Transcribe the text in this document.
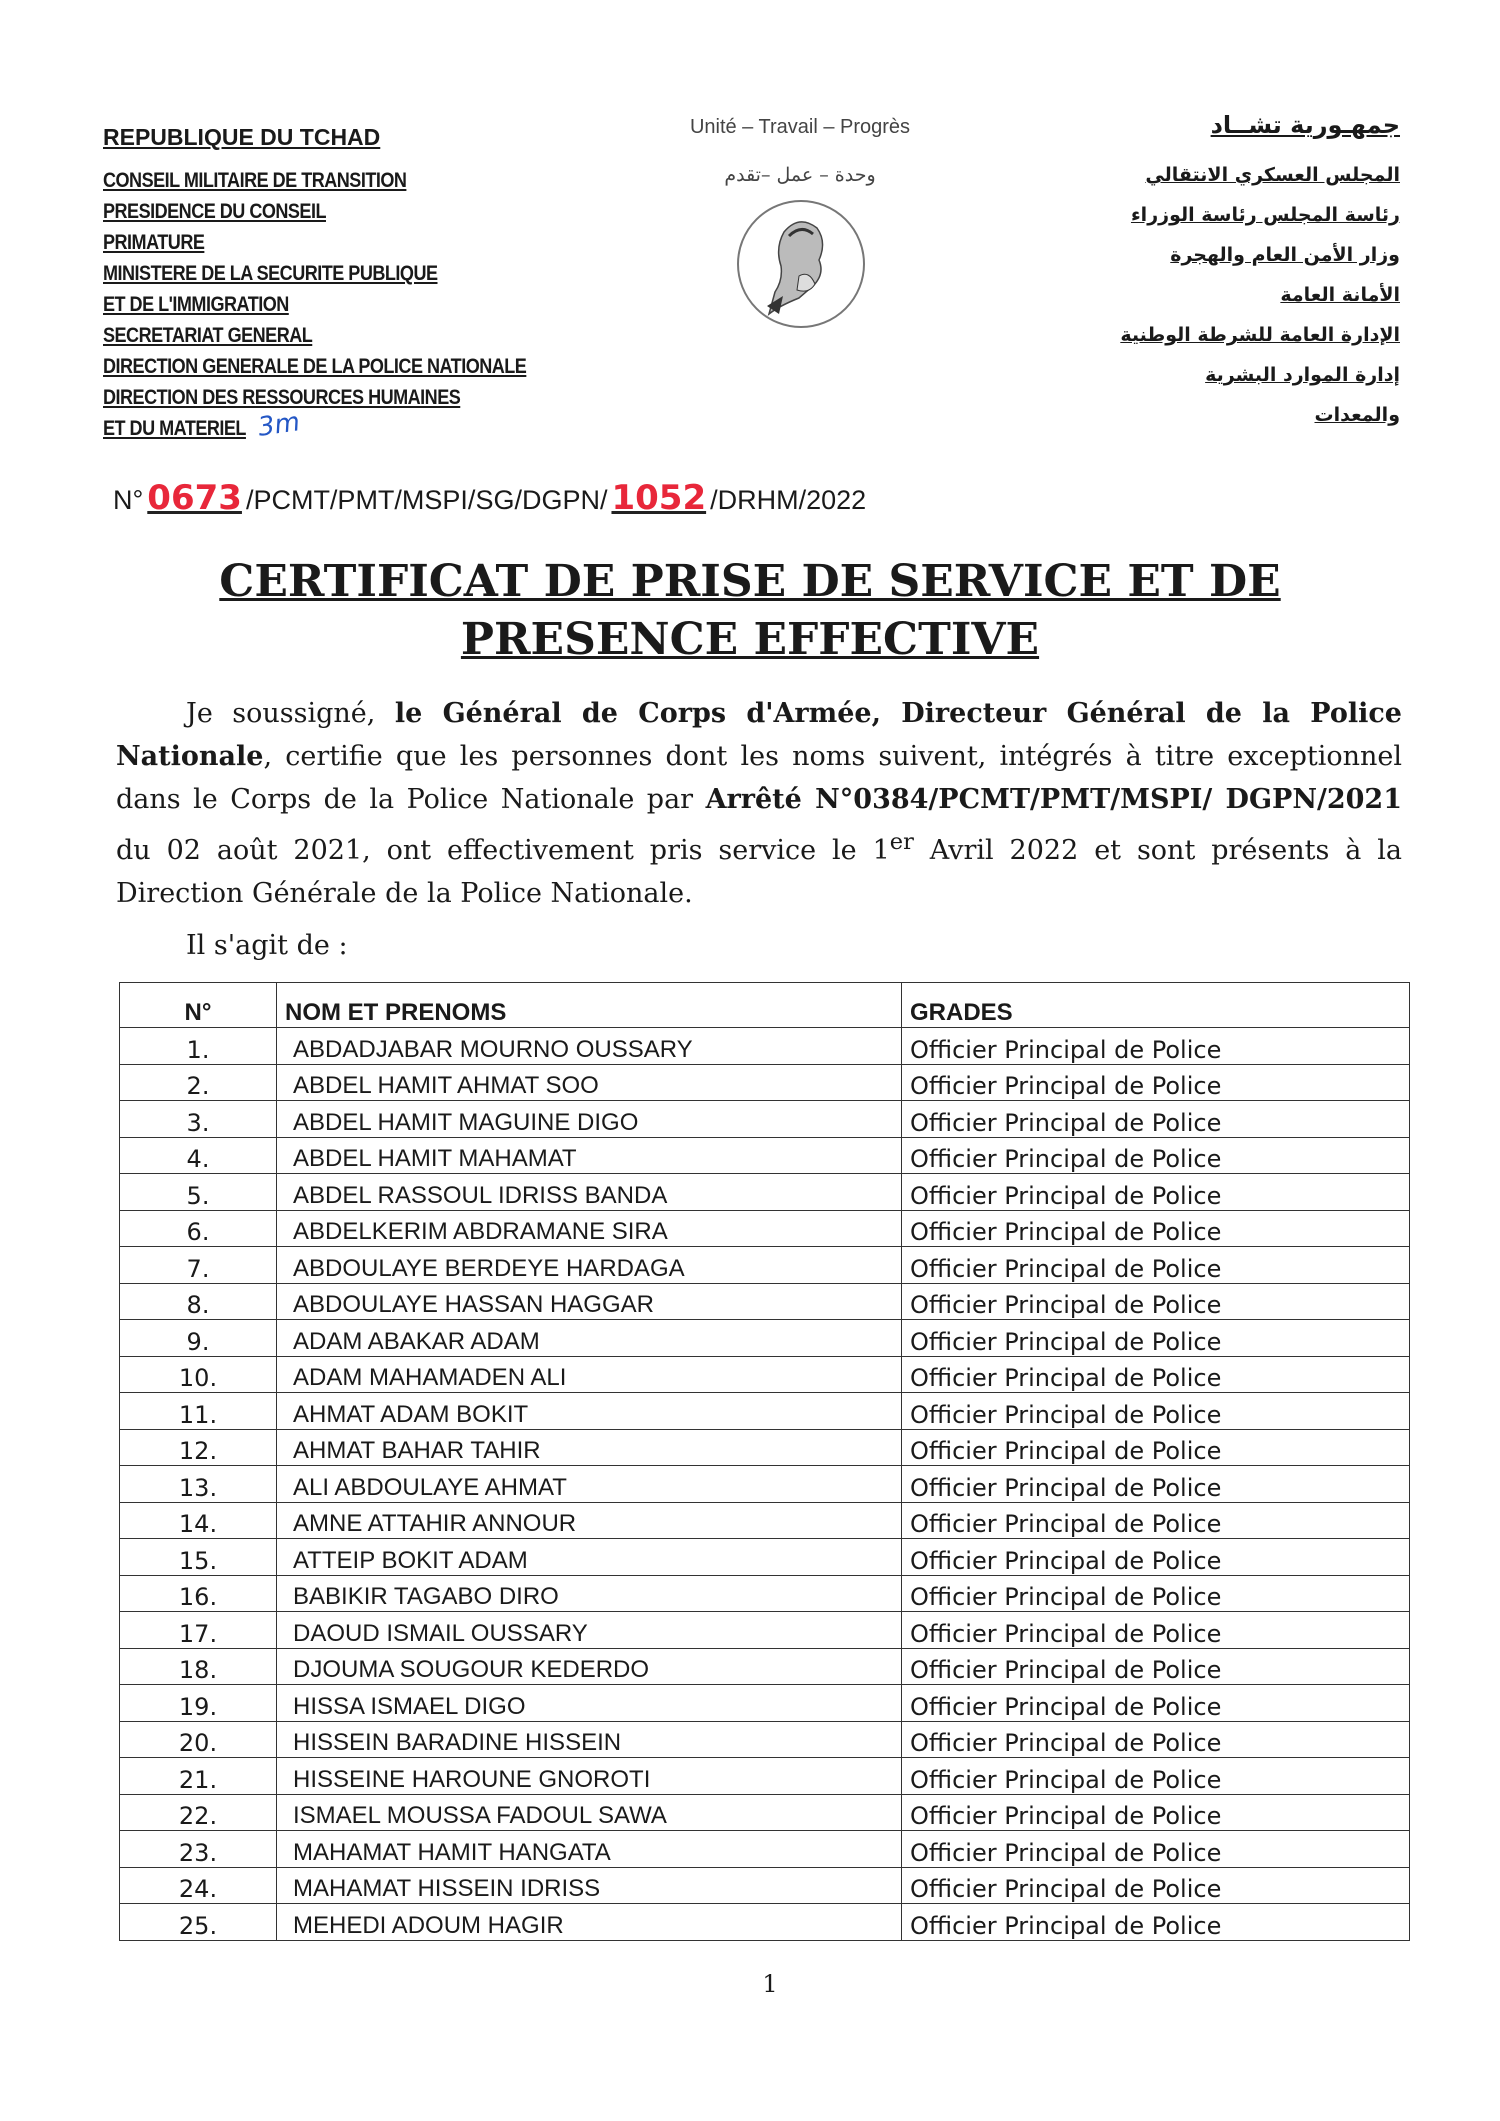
REPUBLIQUE DU TCHAD
CONSEIL MILITAIRE DE TRANSITION
PRESIDENCE DU CONSEIL
PRIMATURE
MINISTERE DE LA SECURITE PUBLIQUE
ET DE L'IMMIGRATION
SECRETARIAT GENERAL
DIRECTION GENERALE DE LA POLICE NATIONALE
DIRECTION DES RESSOURCES HUMAINES
ET DU MATERIEL 3m
Unité – Travail – Progrès
وحدة – عمل –تقدم
جمهـورية تشــاد
المجلس العسكري الانتقالي
رئاسة المجلس رئاسة الوزراء
وزار الأمن العام والهجرة
الأمانة العامة
الإدارة العامة للشرطة الوطنية
إدارة الموارد البشرية
والمعدات
N° 0673 /PCMT/PMT/MSPI/SG/DGPN/ 1052 /DRHM/2022
CERTIFICAT DE PRISE DE SERVICE ET DE
PRESENCE EFFECTIVE
Je soussigné, le Général de Corps d'Armée, Directeur Général de la Police Nationale, certifie que les personnes dont les noms suivent, intégrés à titre exceptionnel dans le Corps de la Police Nationale par Arrêté N°0384/PCMT/PMT/MSPI/ DGPN/2021 du 02 août 2021, ont effectivement pris service le 1er Avril 2022 et sont présents à la Direction Générale de la Police Nationale.
Il s'agit de :
N°	NOM ET PRENOMS	GRADES
1.	ABDADJABAR MOURNO OUSSARY	Officier Principal de Police
2.	ABDEL HAMIT AHMAT SOO	Officier Principal de Police
3.	ABDEL HAMIT MAGUINE DIGO	Officier Principal de Police
4.	ABDEL HAMIT MAHAMAT	Officier Principal de Police
5.	ABDEL RASSOUL IDRISS BANDA	Officier Principal de Police
6.	ABDELKERIM ABDRAMANE SIRA	Officier Principal de Police
7.	ABDOULAYE BERDEYE HARDAGA	Officier Principal de Police
8.	ABDOULAYE HASSAN HAGGAR	Officier Principal de Police
9.	ADAM ABAKAR ADAM	Officier Principal de Police
10.	ADAM MAHAMADEN ALI	Officier Principal de Police
11.	AHMAT ADAM BOKIT	Officier Principal de Police
12.	AHMAT BAHAR TAHIR	Officier Principal de Police
13.	ALI ABDOULAYE AHMAT	Officier Principal de Police
14.	AMNE ATTAHIR ANNOUR	Officier Principal de Police
15.	ATTEIP BOKIT ADAM	Officier Principal de Police
16.	BABIKIR TAGABO DIRO	Officier Principal de Police
17.	DAOUD ISMAIL OUSSARY	Officier Principal de Police
18.	DJOUMA SOUGOUR KEDERDO	Officier Principal de Police
19.	HISSA ISMAEL DIGO	Officier Principal de Police
20.	HISSEIN BARADINE HISSEIN	Officier Principal de Police
21.	HISSEINE HAROUNE GNOROTI	Officier Principal de Police
22.	ISMAEL MOUSSA FADOUL SAWA	Officier Principal de Police
23.	MAHAMAT HAMIT HANGATA	Officier Principal de Police
24.	MAHAMAT HISSEIN IDRISS	Officier Principal de Police
25.	MEHEDI ADOUM HAGIR	Officier Principal de Police
1
